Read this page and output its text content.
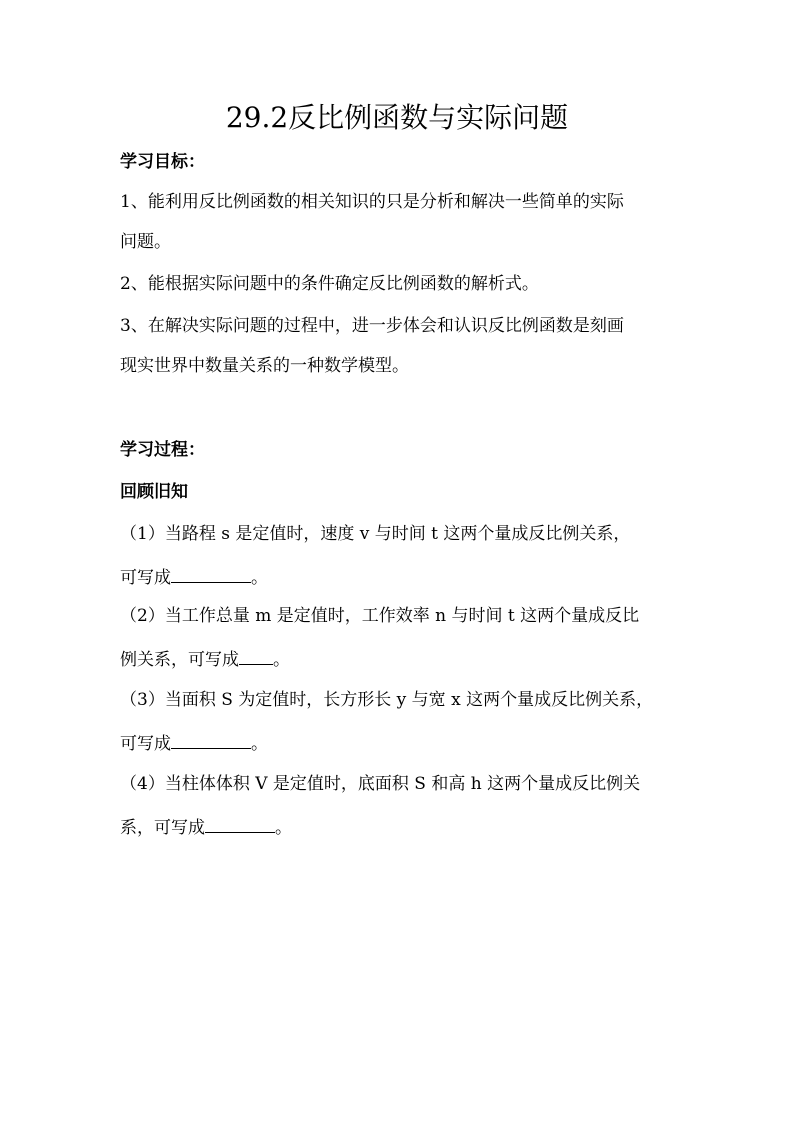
29.2反比例函数与实际问题
学习目标：
1、能利用反比例函数的相关知识的只是分析和解决一些简单的实际
问题。
2、能根据实际问题中的条件确定反比例函数的解析式。
3、在解决实际问题的过程中，进一步体会和认识反比例函数是刻画
现实世界中数量关系的一种数学模型。
学习过程：
回顾旧知
（1）当路程 s 是定值时，速度 v 与时间 t 这两个量成反比例关系，
可写成	。
（2）当工作总量 m 是定值时，工作效率 n 与时间 t 这两个量成反比
例关系，可写成 。
（3）当面积 S 为定值时，长方形长 y 与宽 x 这两个量成反比例关系，
可写成	。
（4）当柱体体积 V 是定值时，底面积 S 和高 h 这两个量成反比例关
系，可写成	。
